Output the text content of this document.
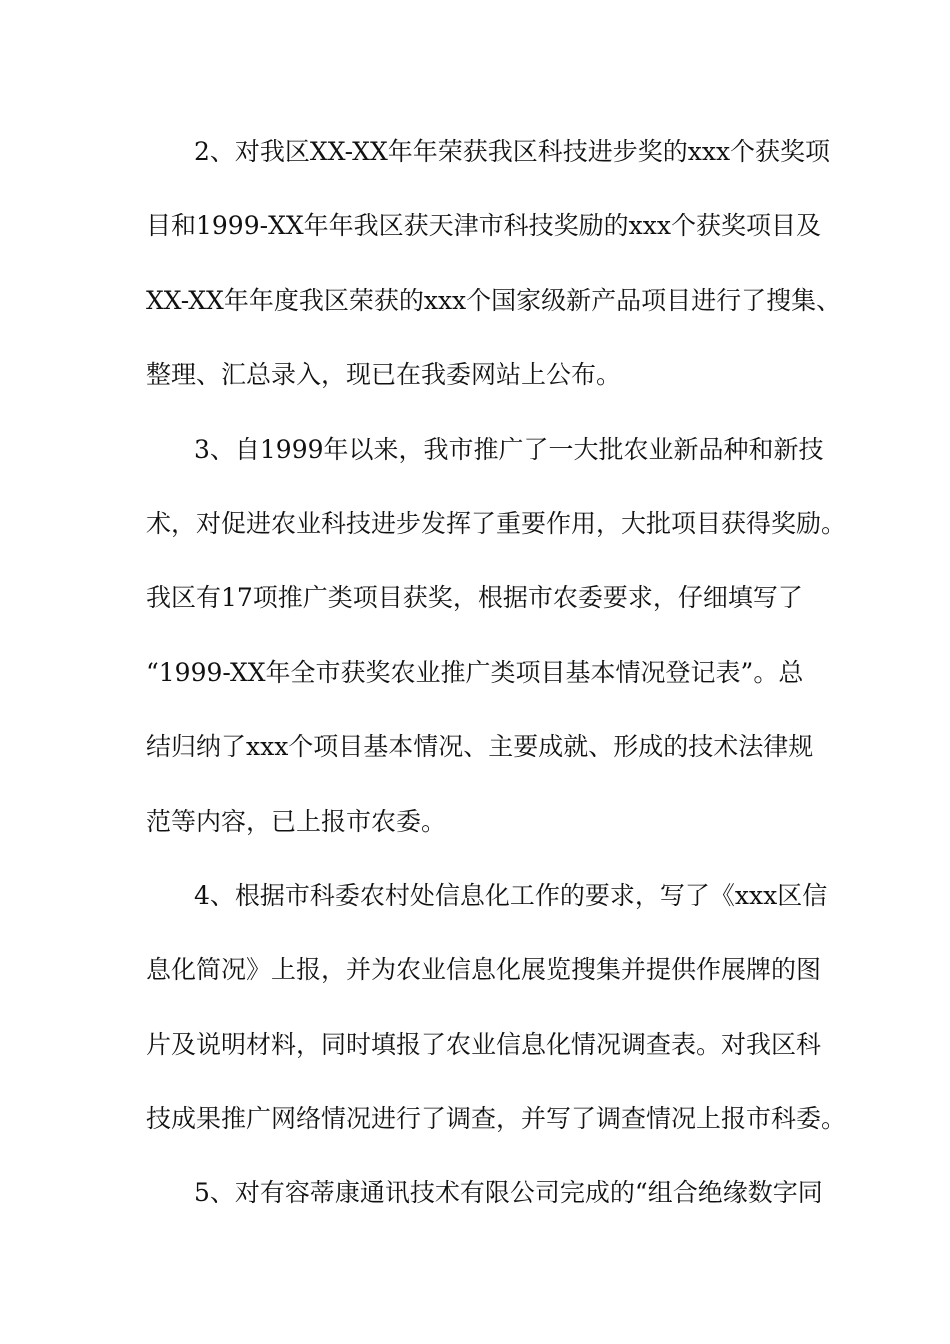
2、对我区XX-XX年年荣获我区科技进步奖的xxx个获奖项
目和1999-XX年年我区获天津市科技奖励的xxx个获奖项目及
XX-XX年年度我区荣获的xxx个国家级新产品项目进行了搜集、
整理、汇总录入，现已在我委网站上公布。
3、自1999年以来，我市推广了一大批农业新品种和新技
术，对促进农业科技进步发挥了重要作用，大批项目获得奖励。
我区有17项推广类项目获奖，根据市农委要求，仔细填写了
“1999-XX年全市获奖农业推广类项目基本情况登记表”。总
结归纳了xxx个项目基本情况、主要成就、形成的技术法律规
范等内容，已上报市农委。
4、根据市科委农村处信息化工作的要求，写了《xxx区信
息化简况》上报，并为农业信息化展览搜集并提供作展牌的图
片及说明材料，同时填报了农业信息化情况调查表。对我区科
技成果推广网络情况进行了调查，并写了调查情况上报市科委。
5、对有容蒂康通讯技术有限公司完成的“组合绝缘数字同
